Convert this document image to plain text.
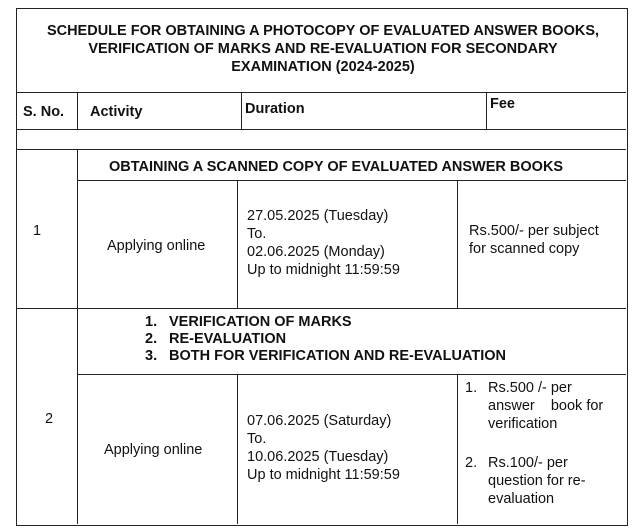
SCHEDULE FOR OBTAINING A PHOTOCOPY OF EVALUATED ANSWER BOOKS, VERIFICATION OF MARKS AND RE-EVALUATION FOR SECONDARY EXAMINATION (2024-2025)
S. No. Activity	Duration	Fee
1
OBTAINING A SCANNED COPY OF EVALUATED ANSWER BOOKS
Applying online
27.05.2025 (Tuesday)
To.
02.06.2025 (Monday)
Up to midnight 11:59:59
Rs.500/- per subject
for scanned copy
2
1. VERIFICATION OF MARKS
2. RE-EVALUATION
3. BOTH FOR VERIFICATION AND RE-EVALUATION
Applying online
07.06.2025 (Saturday)
To.
10.06.2025 (Tuesday)
Up to midnight 11:59:59
1. Rs.500 /- per
answer    book for
verification
2. Rs.100/- per
question for re-
evaluation
